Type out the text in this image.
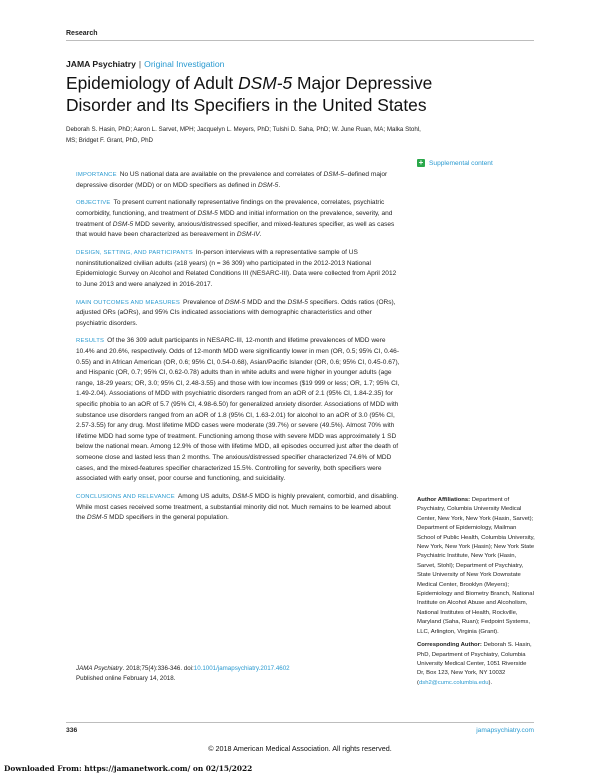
Research
JAMA Psychiatry | Original Investigation
Epidemiology of Adult DSM-5 Major Depressive Disorder and Its Specifiers in the United States
Deborah S. Hasin, PhD; Aaron L. Sarvet, MPH; Jacquelyn L. Meyers, PhD; Tulshi D. Saha, PhD; W. June Ruan, MA; Malka Stohl, MS; Bridget F. Grant, PhD, PhD
+ Supplemental content

IMPORTANCE No US national data are available on the prevalence and correlates of DSM-5–defined major depressive disorder (MDD) or on MDD specifiers as defined in DSM-5.

OBJECTIVE To present current nationally representative findings on the prevalence, correlates, psychiatric comorbidity, functioning, and treatment of DSM-5 MDD and initial information on the prevalence, severity, and treatment of DSM-5 MDD severity, anxious/distressed specifier, and mixed-features specifier, as well as cases that would have been characterized as bereavement in DSM-IV.

DESIGN, SETTING, AND PARTICIPANTS In-person interviews with a representative sample of US noninstitutionalized civilian adults (≥18 years) (n = 36 309) who participated in the 2012-2013 National Epidemiologic Survey on Alcohol and Related Conditions III (NESARC-III). Data were collected from April 2012 to June 2013 and were analyzed in 2016-2017.

MAIN OUTCOMES AND MEASURES Prevalence of DSM-5 MDD and the DSM-5 specifiers. Odds ratios (ORs), adjusted ORs (aORs), and 95% CIs indicated associations with demographic characteristics and other psychiatric disorders.

RESULTS Of the 36 309 adult participants in NESARC-III, 12-month and lifetime prevalences of MDD were 10.4% and 20.6%, respectively. Odds of 12-month MDD were significantly lower in men (OR, 0.5; 95% CI, 0.46-0.55) and in African American (OR, 0.6; 95% CI, 0.54-0.68), Asian/Pacific Islander (OR, 0.6; 95% CI, 0.45-0.67), and Hispanic (OR, 0.7; 95% CI, 0.62-0.78) adults than in white adults and were higher in younger adults (age range, 18-29 years; OR, 3.0; 95% CI, 2.48-3.55) and those with low incomes ($19 999 or less; OR, 1.7; 95% CI, 1.49-2.04). Associations of MDD with psychiatric disorders ranged from an aOR of 2.1 (95% CI, 1.84-2.35) for specific phobia to an aOR of 5.7 (95% CI, 4.98-6.50) for generalized anxiety disorder. Associations of MDD with substance use disorders ranged from an aOR of 1.8 (95% CI, 1.63-2.01) for alcohol to an aOR of 3.0 (95% CI, 2.57-3.55) for any drug. Most lifetime MDD cases were moderate (39.7%) or severe (49.5%). Almost 70% with lifetime MDD had some type of treatment. Functioning among those with severe MDD was approximately 1 SD below the national mean. Among 12.9% of those with lifetime MDD, all episodes occurred just after the death of someone close and lasted less than 2 months. The anxious/distressed specifier characterized 74.6% of MDD cases, and the mixed-features specifier characterized 15.5%. Controlling for severity, both specifiers were associated with early onset, poor course and functioning, and suicidality.

CONCLUSIONS AND RELEVANCE Among US adults, DSM-5 MDD is highly prevalent, comorbid, and disabling. While most cases received some treatment, a substantial minority did not. Much remains to be learned about the DSM-5 MDD specifiers in the general population.

JAMA Psychiatry. 2018;75(4):336-346. doi:10.1001/jamapsychiatry.2017.4602
Published online February 14, 2018.
Author Affiliations: Department of Psychiatry, Columbia University Medical Center, New York, New York (Hasin, Sarvet); Department of Epidemiology, Mailman School of Public Health, Columbia University, New York, New York (Hasin); New York State Psychiatric Institute, New York (Hasin, Sarvet, Stohl); Department of Psychiatry, State University of New York Downstate Medical Center, Brooklyn (Meyers); Epidemiology and Biometry Branch, National Institute on Alcohol Abuse and Alcoholism, National Institutes of Health, Rockville, Maryland (Saha, Ruan); Fedpoint Systems, LLC, Arlington, Virginia (Grant).
Corresponding Author: Deborah S. Hasin, PhD, Department of Psychiatry, Columbia University Medical Center, 1051 Riverside Dr, Box 123, New York, NY 10032 (dsh2@cumc.columbia.edu).
336	jamapsychiatry.com
© 2018 American Medical Association. All rights reserved.
Downloaded From: https://jamanetwork.com/ on 02/15/2022
